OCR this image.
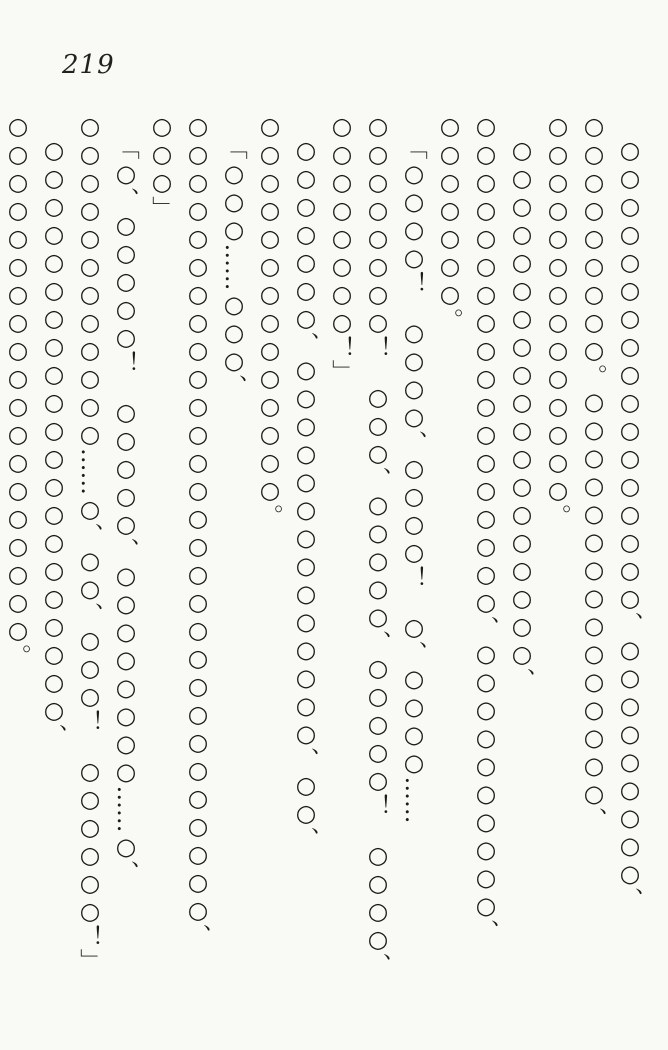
219

○○○○○○○○○○○○○○○○○、○○○○○○○○○、○○○○○○○○○。○○○○○○○○○○○○○○○、○○○○○○○○○○○○○○。

○○○○○○○○○○○○○○○○○○○、○○○○○○○○○○○○○○○○○○、○○○○○○○○○○、○○○○○○○。

「○○○○！　○○○○、○○○○！　○、○○○○……○○○○○○○○！　○○○、○○○○○、○○○○○！　○○○○、○○○○○○○○！」

○○○○○○○、○○○○○○○○○○○○○○、○○、○○○○○○○○○○○○○○。

「○○○……○○○、○○○○○○○○○○○○○○○○○○○○○○○○○○○○○、○○○」

「○、○○○○○！　○○○○○、○○○○○○○○……○、○○○○○○○○○○○○……○、○○、○○○！　○○○○○○！」

○○○○○○○○○○○○○○○○○○○○○、○○○○○○○○○○○○○○○○○○○。
